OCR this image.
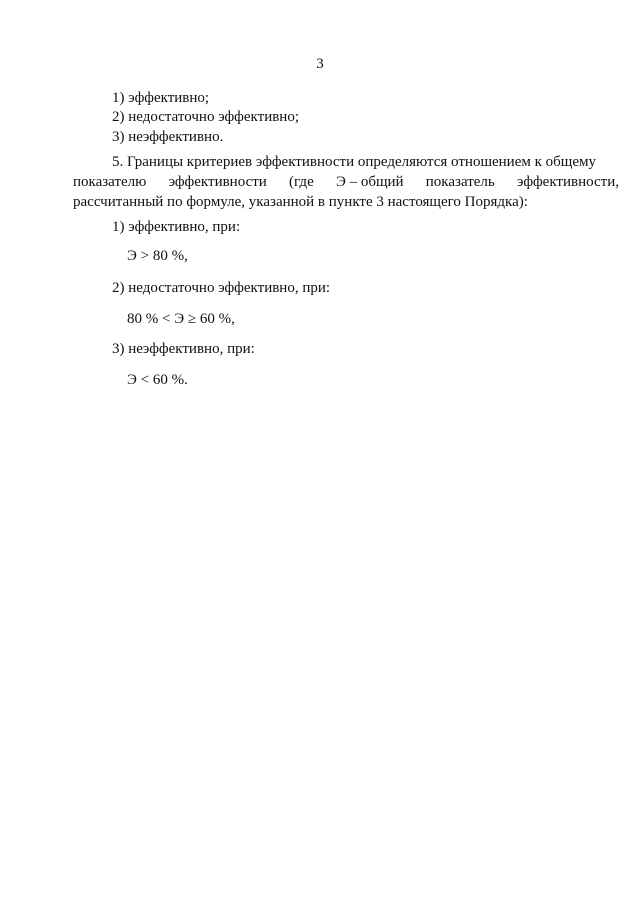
3
1) эффективно;
2) недостаточно эффективно;
3) неэффективно.
5. Границы критериев эффективности определяются отношением к общему
показателю эффективности (где Э – общий показатель эффективности,
рассчитанный по формуле, указанной в пункте 3 настоящего Порядка):
1) эффективно, при:
Э > 80 %,
2) недостаточно эффективно, при:
80 % < Э ≥ 60 %,
3) неэффективно, при:
Э < 60 %.
